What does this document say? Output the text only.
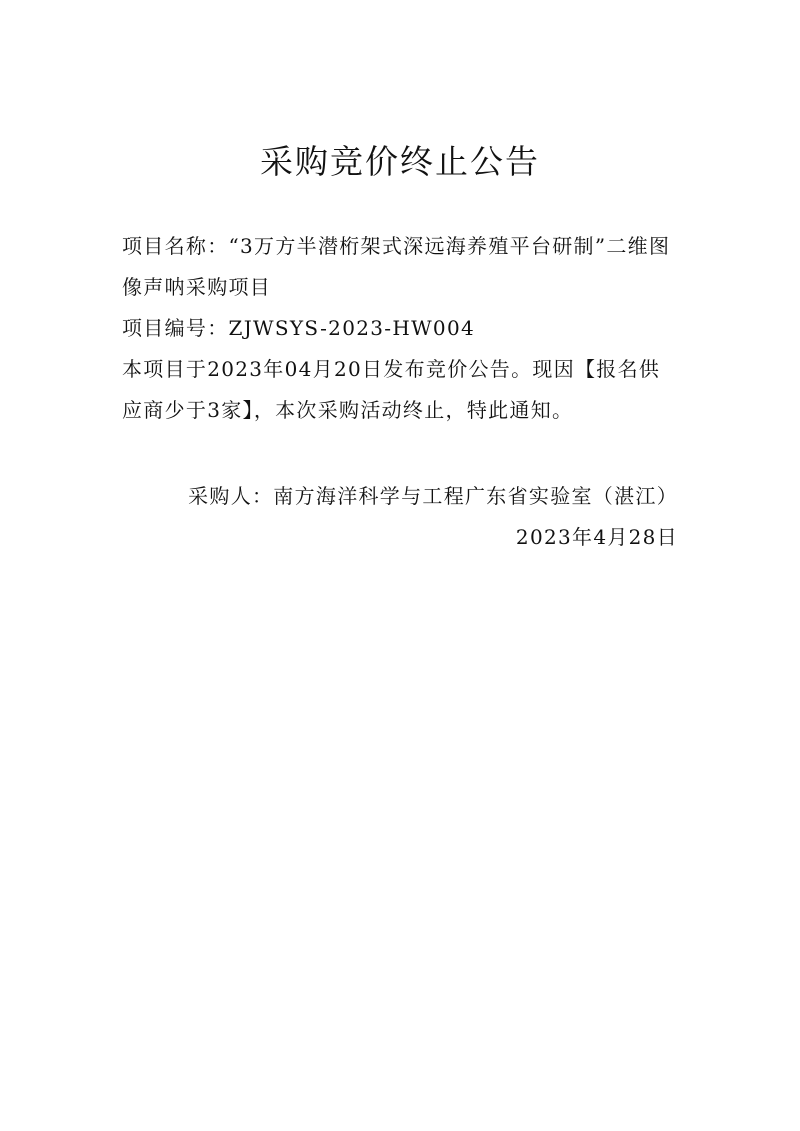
采购竞价终止公告

项目名称：“3万方半潜桁架式深远海养殖平台研制”二维图像声呐采购项目

项目编号：ZJWSYS-2023-HW004

本项目于2023年04月20日发布竞价公告。现因【报名供应商少于3家】，本次采购活动终止，特此通知。

采购人：南方海洋科学与工程广东省实验室（湛江）

2023年4月28日
